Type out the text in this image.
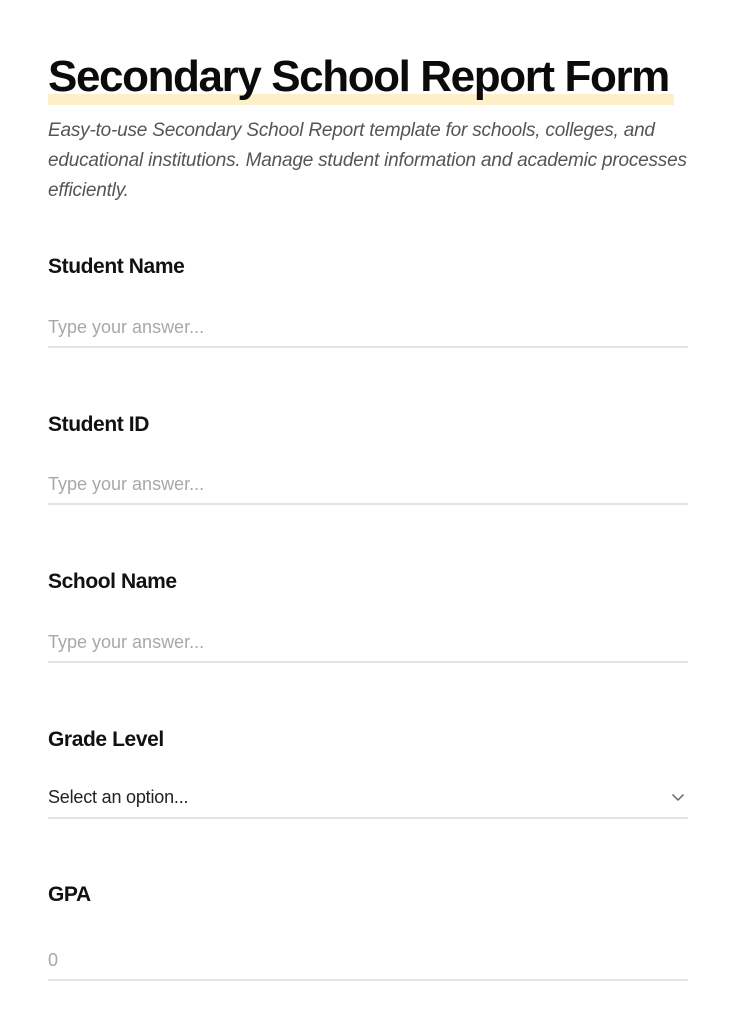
Secondary School Report Form

Easy-to-use Secondary School Report template for schools, colleges, and educational institutions. Manage student information and academic processes efficiently.

Student Name
Type your answer...
Student ID
Type your answer...
School Name
Type your answer...
Grade Level
Select an option...
GPA
0
